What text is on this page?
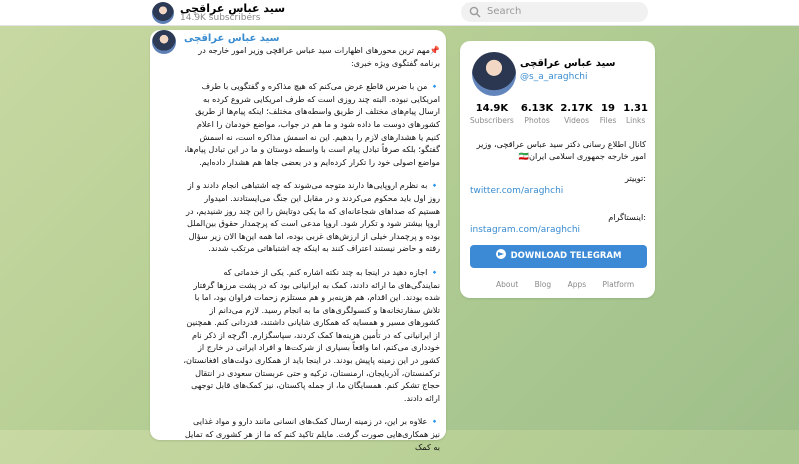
سید عباس عراقچی
14.9K subscribers
Search
سید عباس عراقچی

📌مهم ترین محورهای اظهارات سید عباس عراقچی وزیر امور خارجه در برنامه گفتگوی ویژه خبری:

🔹 من با ضرس قاطع عرض می‌کنم که هیچ مذاکره و گفتگویی با طرف امریکایی نبوده. البته چند روزی است که طرف امریکایی شروع کرده به ارسال پیام‌های مختلف از طریق واسطه‌های مختلف؛ اینکه پیام‌ها از طریق کشورهای دوست ما داده شود و ما هم در جواب، مواضع خودمان را اعلام کنیم یا هشدارهای لازم را بدهیم. این نه اسمش مذاکره است، نه اسمش گفتگو؛ بلکه صرفاً تبادل پیام است با واسطه دوستان و ما در این تبادل پیام‌ها، مواضع اصولی خود را تکرار کرده‌ایم و در بعضی جاها هم هشدار داده‌ایم.

🔹 به نظرم اروپایی‌ها دارند متوجه می‌شوند که چه اشتباهی انجام دادند و از روز اول باید محکوم می‌کردند و در مقابل این جنگ می‌ایستادند. امیدوار هستیم که صداهای شجاعانه‌ای که ما یکی دوتایش را این چند روز شنیدیم، در اروپا بیشتر شود و تکرار شود. اروپا مدعی است که پرچمدار حقوق بین‌الملل بوده و پرچمدار خیلی از ارزش‌های غربی بوده، اما همه این‌ها الان زیر سؤال رفته و حاضر نیستند اعتراف کنند به اینکه چه اشتباهاتی مرتکب شدند.

🔹 اجازه دهید در اینجا به چند نکته اشاره کنم. یکی از خدماتی که نمایندگی‌های ما ارائه دادند، کمک به ایرانیانی بود که در پشت مرزها گرفتار شده بودند. این اقدام، هم هزینه‌بر و هم مستلزم زحمات فراوان بود، اما با تلاش سفارتخانه‌ها و کنسولگری‌های ما به انجام رسید. لازم می‌دانم از کشورهای مسیر و همسایه که همکاری شایانی داشتند، قدردانی کنم. همچنین از ایرانیانی که در تأمین هزینه‌ها کمک کردند، سپاسگزارم. اگرچه از ذکر نام خودداری می‌کنم، اما واقعاً بسیاری از شرکت‌ها و افراد ایرانی در خارج از کشور در این زمینه پاپیش بودند. در اینجا باید از همکاری دولت‌های افغانستان، ترکمنستان، آذربایجان، ارمنستان، ترکیه و حتی عربستان سعودی در انتقال حجاج تشکر کنم. همسایگان ما، از جمله پاکستان، نیز کمک‌های قابل توجهی ارائه دادند.

🔹 علاوه بر این، در زمینه ارسال کمک‌های انسانی مانند دارو و مواد غذایی نیز همکاری‌هایی صورت گرفت. مایلم تاکید کنم که ما از هر کشوری که تمایل به کمک

سید عباس عراقچی
@s_a_araghchi
14.9K
Subscribers
6.13K
Photos
2.17K
Videos
19
Files
1.31
Links
کانال اطلاع رسانی دکتر سید عباس عراقچی، وزیر امور خارجه جمهوری اسلامی ایران🇮🇷
:توییتر
twitter.com/araghchi
:اینستاگرام
instagram.com/araghchi
DOWNLOAD TELEGRAM
About Blog Apps Platform
